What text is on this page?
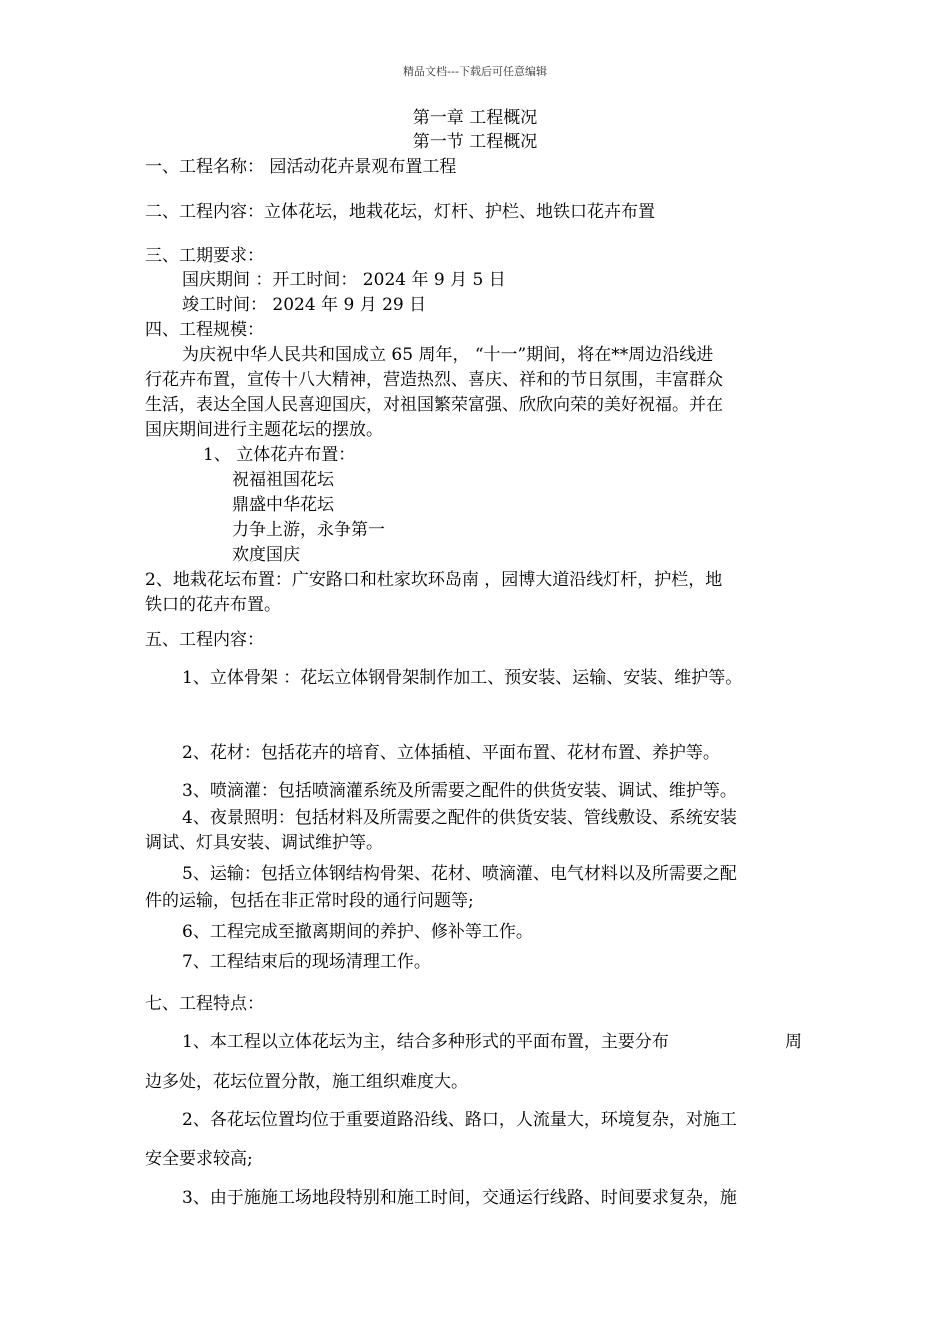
精品文档---下载后可任意编辑
第一章 工程概况
第一节 工程概况
一、工程名称： 园活动花卉景观布置工程
二、工程内容：立体花坛，地栽花坛，灯杆、护栏、地铁口花卉布置
三、工期要求：
国庆期间 ：开工时间： 2024 年 9 月 5 日
竣工时间： 2024 年 9 月 29 日
四、工程规模：
为庆祝中华人民共和国成立 65 周年， “十一”期间，将在**周边沿线进
行花卉布置，宣传十八大精神，营造热烈、喜庆、祥和的节日氛围，丰富群众
生活，表达全国人民喜迎国庆，对祖国繁荣富强、欣欣向荣的美好祝福。并在
国庆期间进行主题花坛的摆放。
1、 立体花卉布置：
祝福祖国花坛
鼎盛中华花坛
力争上游，永争第一
欢度国庆
2、地栽花坛布置：广安路口和杜家坎环岛南 ，园博大道沿线灯杆，护栏，地
铁口的花卉布置。
五、工程内容：
1、立体骨架 ：花坛立体钢骨架制作加工、预安装、运输、安装、维护等。
2、花材：包括花卉的培育、立体插植、平面布置、花材布置、养护等。
3、喷滴灌：包括喷滴灌系统及所需要之配件的供货安装、调试、维护等。
4、夜景照明：包括材料及所需要之配件的供货安装、管线敷设、系统安装
调试、灯具安装、调试维护等。
5、运输：包括立体钢结构骨架、花材、喷滴灌、电气材料以及所需要之配
件的运输，包括在非正常时段的通行问题等;
6、工程完成至撤离期间的养护、修补等工作。
7、工程结束后的现场清理工作。
七、工程特点：
1、本工程以立体花坛为主，结合多种形式的平面布置，主要分布	周
边多处，花坛位置分散，施工组织难度大。
2、各花坛位置均位于重要道路沿线、路口，人流量大，环境复杂，对施工
安全要求较高;
3、由于施施工场地段特别和施工时间，交通运行线路、时间要求复杂，施
